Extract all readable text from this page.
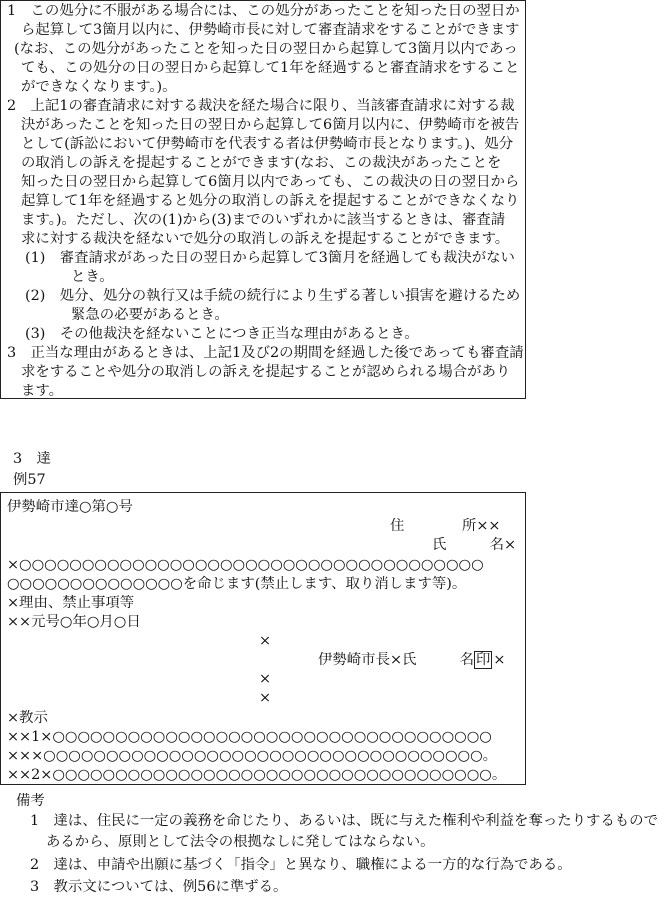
1　この処分に不服がある場合には、この処分があったことを知った日の翌日か
ら起算して3箇月以内に、伊勢崎市長に対して審査請求をすることができます
(なお、この処分があったことを知った日の翌日から起算して3箇月以内であっ
ても、この処分の日の翌日から起算して1年を経過すると審査請求をすること
ができなくなります。)。
2　上記1の審査請求に対する裁決を経た場合に限り、当該審査請求に対する裁
決があったことを知った日の翌日から起算して6箇月以内に、伊勢崎市を被告
として(訴訟において伊勢崎市を代表する者は伊勢崎市長となります。)、処分
の取消しの訴えを提起することができます(なお、この裁決があったことを
知った日の翌日から起算して6箇月以内であっても、この裁決の日の翌日から
起算して1年を経過すると処分の取消しの訴えを提起することができなくなり
ます。)。ただし、次の(1)から(3)までのいずれかに該当するときは、審査請
求に対する裁決を経ないで処分の取消しの訴えを提起することができます。
(1)　審査請求があった日の翌日から起算して3箇月を経過しても裁決がない
とき。
(2)　処分、処分の執行又は手続の続行により生ずる著しい損害を避けるため
緊急の必要があるとき。
(3)　その他裁決を経ないことにつき正当な理由があるとき。
3　正当な理由があるときは、上記1及び2の期間を経過した後であっても審査請
求をすることや処分の取消しの訴えを提起することが認められる場合があり
ます。
3　達
例57
伊勢崎市達○第○号
住　　　　所××
氏　　　名×
×○○○○○○○○○○○○○○○○○○○○○○○○○○○○○○○○○○○○○
○○○○○○○○○○○○○○を命じます(禁止します、取り消します等)。
×理由、禁止事項等
××元号○年○月○日
×
伊勢崎市長×氏　　　名 印 ×
×
×
×教示
××1×○○○○○○○○○○○○○○○○○○○○○○○○○○○○○○○○○○○
×××○○○○○○○○○○○○○○○○○○○○○○○○○○○○○○○○○○○。
××2×○○○○○○○○○○○○○○○○○○○○○○○○○○○○○○○○○○○。
備考
1　達は、住民に一定の義務を命じたり、あるいは、既に与えた権利や利益を奪ったりするもので
あるから、原則として法令の根拠なしに発してはならない。
2　達は、申請や出願に基づく「指令」と異なり、職権による一方的な行為である。
3　教示文については、例56に準ずる。
